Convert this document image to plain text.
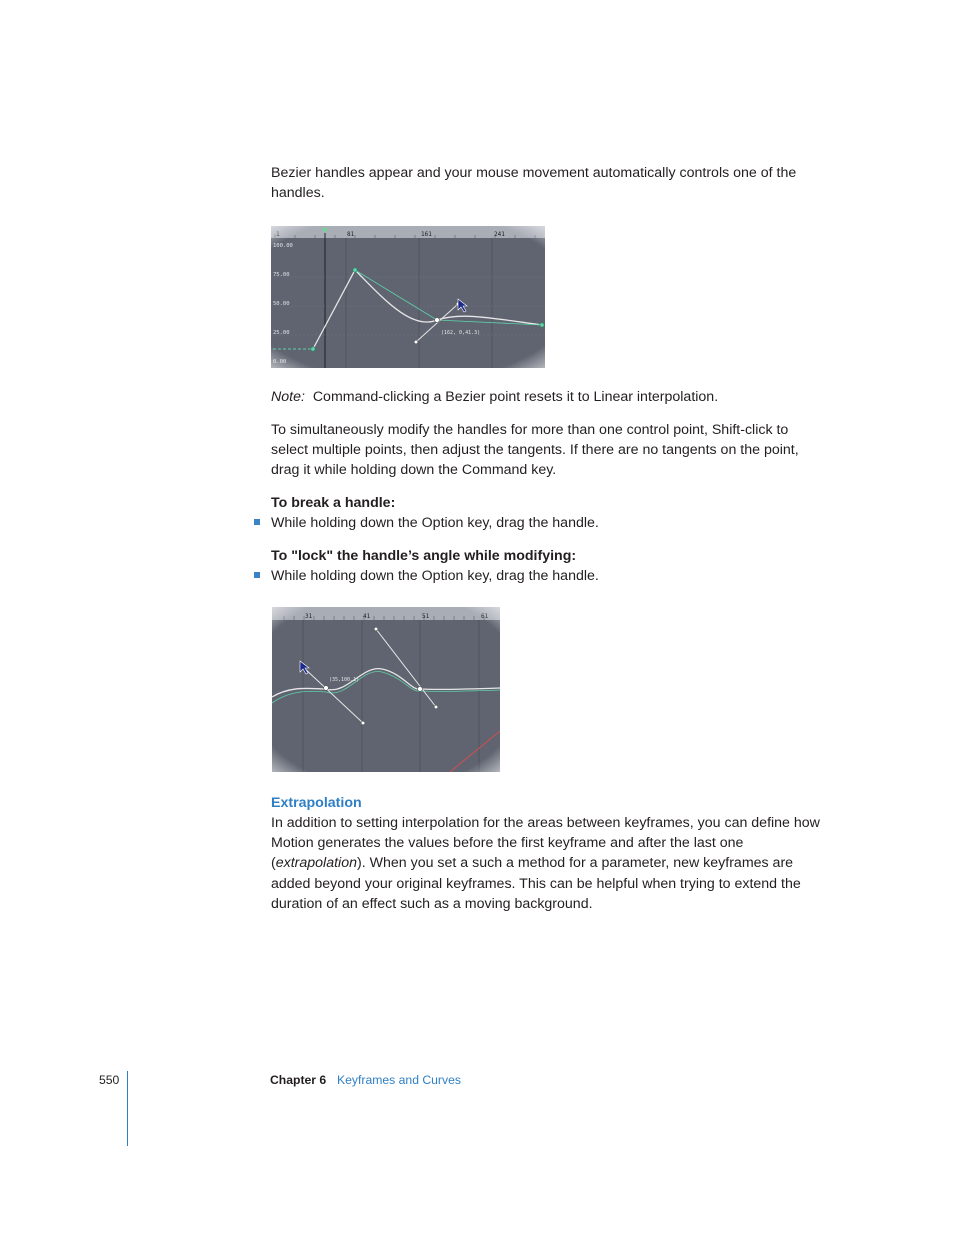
Bezier handles appear and your mouse movement automatically controls one of the handles.

Note: Command-clicking a Bezier point resets it to Linear interpolation.

To simultaneously modify the handles for more than one control point, Shift-click to select multiple points, then adjust the tangents. If there are no tangents on the point, drag it while holding down the Command key.

To break a handle:

While holding down the Option key, drag the handle.

To "lock" the handle’s angle while modifying:

While holding down the Option key, drag the handle.

Extrapolation

In addition to setting interpolation for the areas between keyframes, you can define how Motion generates the values before the first keyframe and after the last one (extrapolation). When you set a such a method for a parameter, new keyframes are added beyond your original keyframes. This can be helpful when trying to extend the duration of an effect such as a moving background.

550	Chapter 6 Keyframes and Curves
